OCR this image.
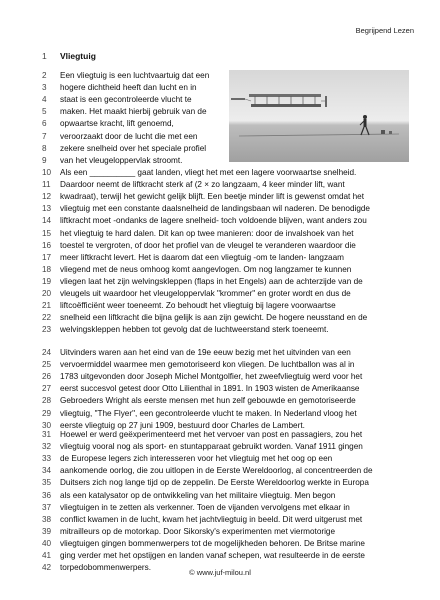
Begrijpend Lezen
1 Vliegtuig
2 Een vliegtuig is een luchtvaartuig dat een
3 hogere dichtheid heeft dan lucht en in
4 staat is een gecontroleerde vlucht te
5 maken. Het maakt hierbij gebruik van de
6 opwaartse kracht, lift genoemd,
7 veroorzaakt door de lucht die met een
8 zekere snelheid over het speciale profiel
9 van het vleugeloppervlak stroomt.
10 Als een __________ gaat landen, vliegt het met een lagere voorwaartse snelheid.
11 Daardoor neemt de liftkracht sterk af (2 × zo langzaam, 4 keer minder lift, want
12 kwadraat), terwijl het gewicht gelijk blijft. Een beetje minder lift is gewenst omdat het
13 vliegtuig met een constante daalsnelheid de landingsbaan wil naderen. De benodigde
14 liftkracht moet -ondanks de lagere snelheid- toch voldoende blijven, want anders zou
15 het vliegtuig te hard dalen. Dit kan op twee manieren: door de invalshoek van het
16 toestel te vergroten, of door het profiel van de vleugel te veranderen waardoor die
17 meer liftkracht levert. Het is daarom dat een vliegtuig -om te landen- langzaam
18 vliegend met de neus omhoog komt aangevlogen. Om nog langzamer te kunnen
19 vliegen laat het zijn welvingskleppen (flaps in het Engels) aan de achterzijde van de
20 vleugels uit waardoor het vleugeloppervlak "krommer" en groter wordt en dus de
21 liftcoëfficiënt weer toeneemt. Zo behoudt het vliegtuig bij lagere voorwaartse
22 snelheid een liftkracht die bijna gelijk is aan zijn gewicht. De hogere neusstand en de
23 welvingskleppen hebben tot gevolg dat de luchtweerstand sterk toeneemt.
24 Uitvinders waren aan het eind van de 19e eeuw bezig met het uitvinden van een
25 vervoermiddel waarmee men gemotoriseerd kon vliegen. De luchtballon was al in
26 1783 uitgevonden door Joseph Michel Montgolfier, het zweefvliegtuig werd voor het
27 eerst succesvol getest door Otto Lilienthal in 1891. In 1903 wisten de Amerikaanse
28 Gebroeders Wright als eerste mensen met hun zelf gebouwde en gemotoriseerde
29 vliegtuig, "The Flyer", een gecontroleerde vlucht te maken. In Nederland vloog het
30 eerste vliegtuig op 27 juni 1909, bestuurd door Charles de Lambert.
31 Hoewel er werd geëxperimenteerd met het vervoer van post en passagiers, zou het
32 vliegtuig vooral nog als sport- en stuntapparaat gebruikt worden. Vanaf 1911 gingen
33 de Europese legers zich interesseren voor het vliegtuig met het oog op een
34 aankomende oorlog, die zou uitlopen in de Eerste Wereldoorlog, al concentreerden de
35 Duitsers zich nog lange tijd op de zeppelin. De Eerste Wereldoorlog werkte in Europa
36 als een katalysator op de ontwikkeling van het militaire vliegtuig. Men begon
37 vliegtuigen in te zetten als verkenner. Toen de vijanden vervolgens met elkaar in
38 conflict kwamen in de lucht, kwam het jachtvliegtuig in beeld. Dit werd uitgerust met
39 mitrailleurs op de motorkap. Door Sikorsky's experimenten met viermotorige
40 vliegtuigen gingen bommenwerpers tot de mogelijkheden behoren. De Britse marine
41 ging verder met het opstijgen en landen vanaf schepen, wat resulteerde in de eerste
42 torpedobommenwerpers.
© www.juf-milou.nl
